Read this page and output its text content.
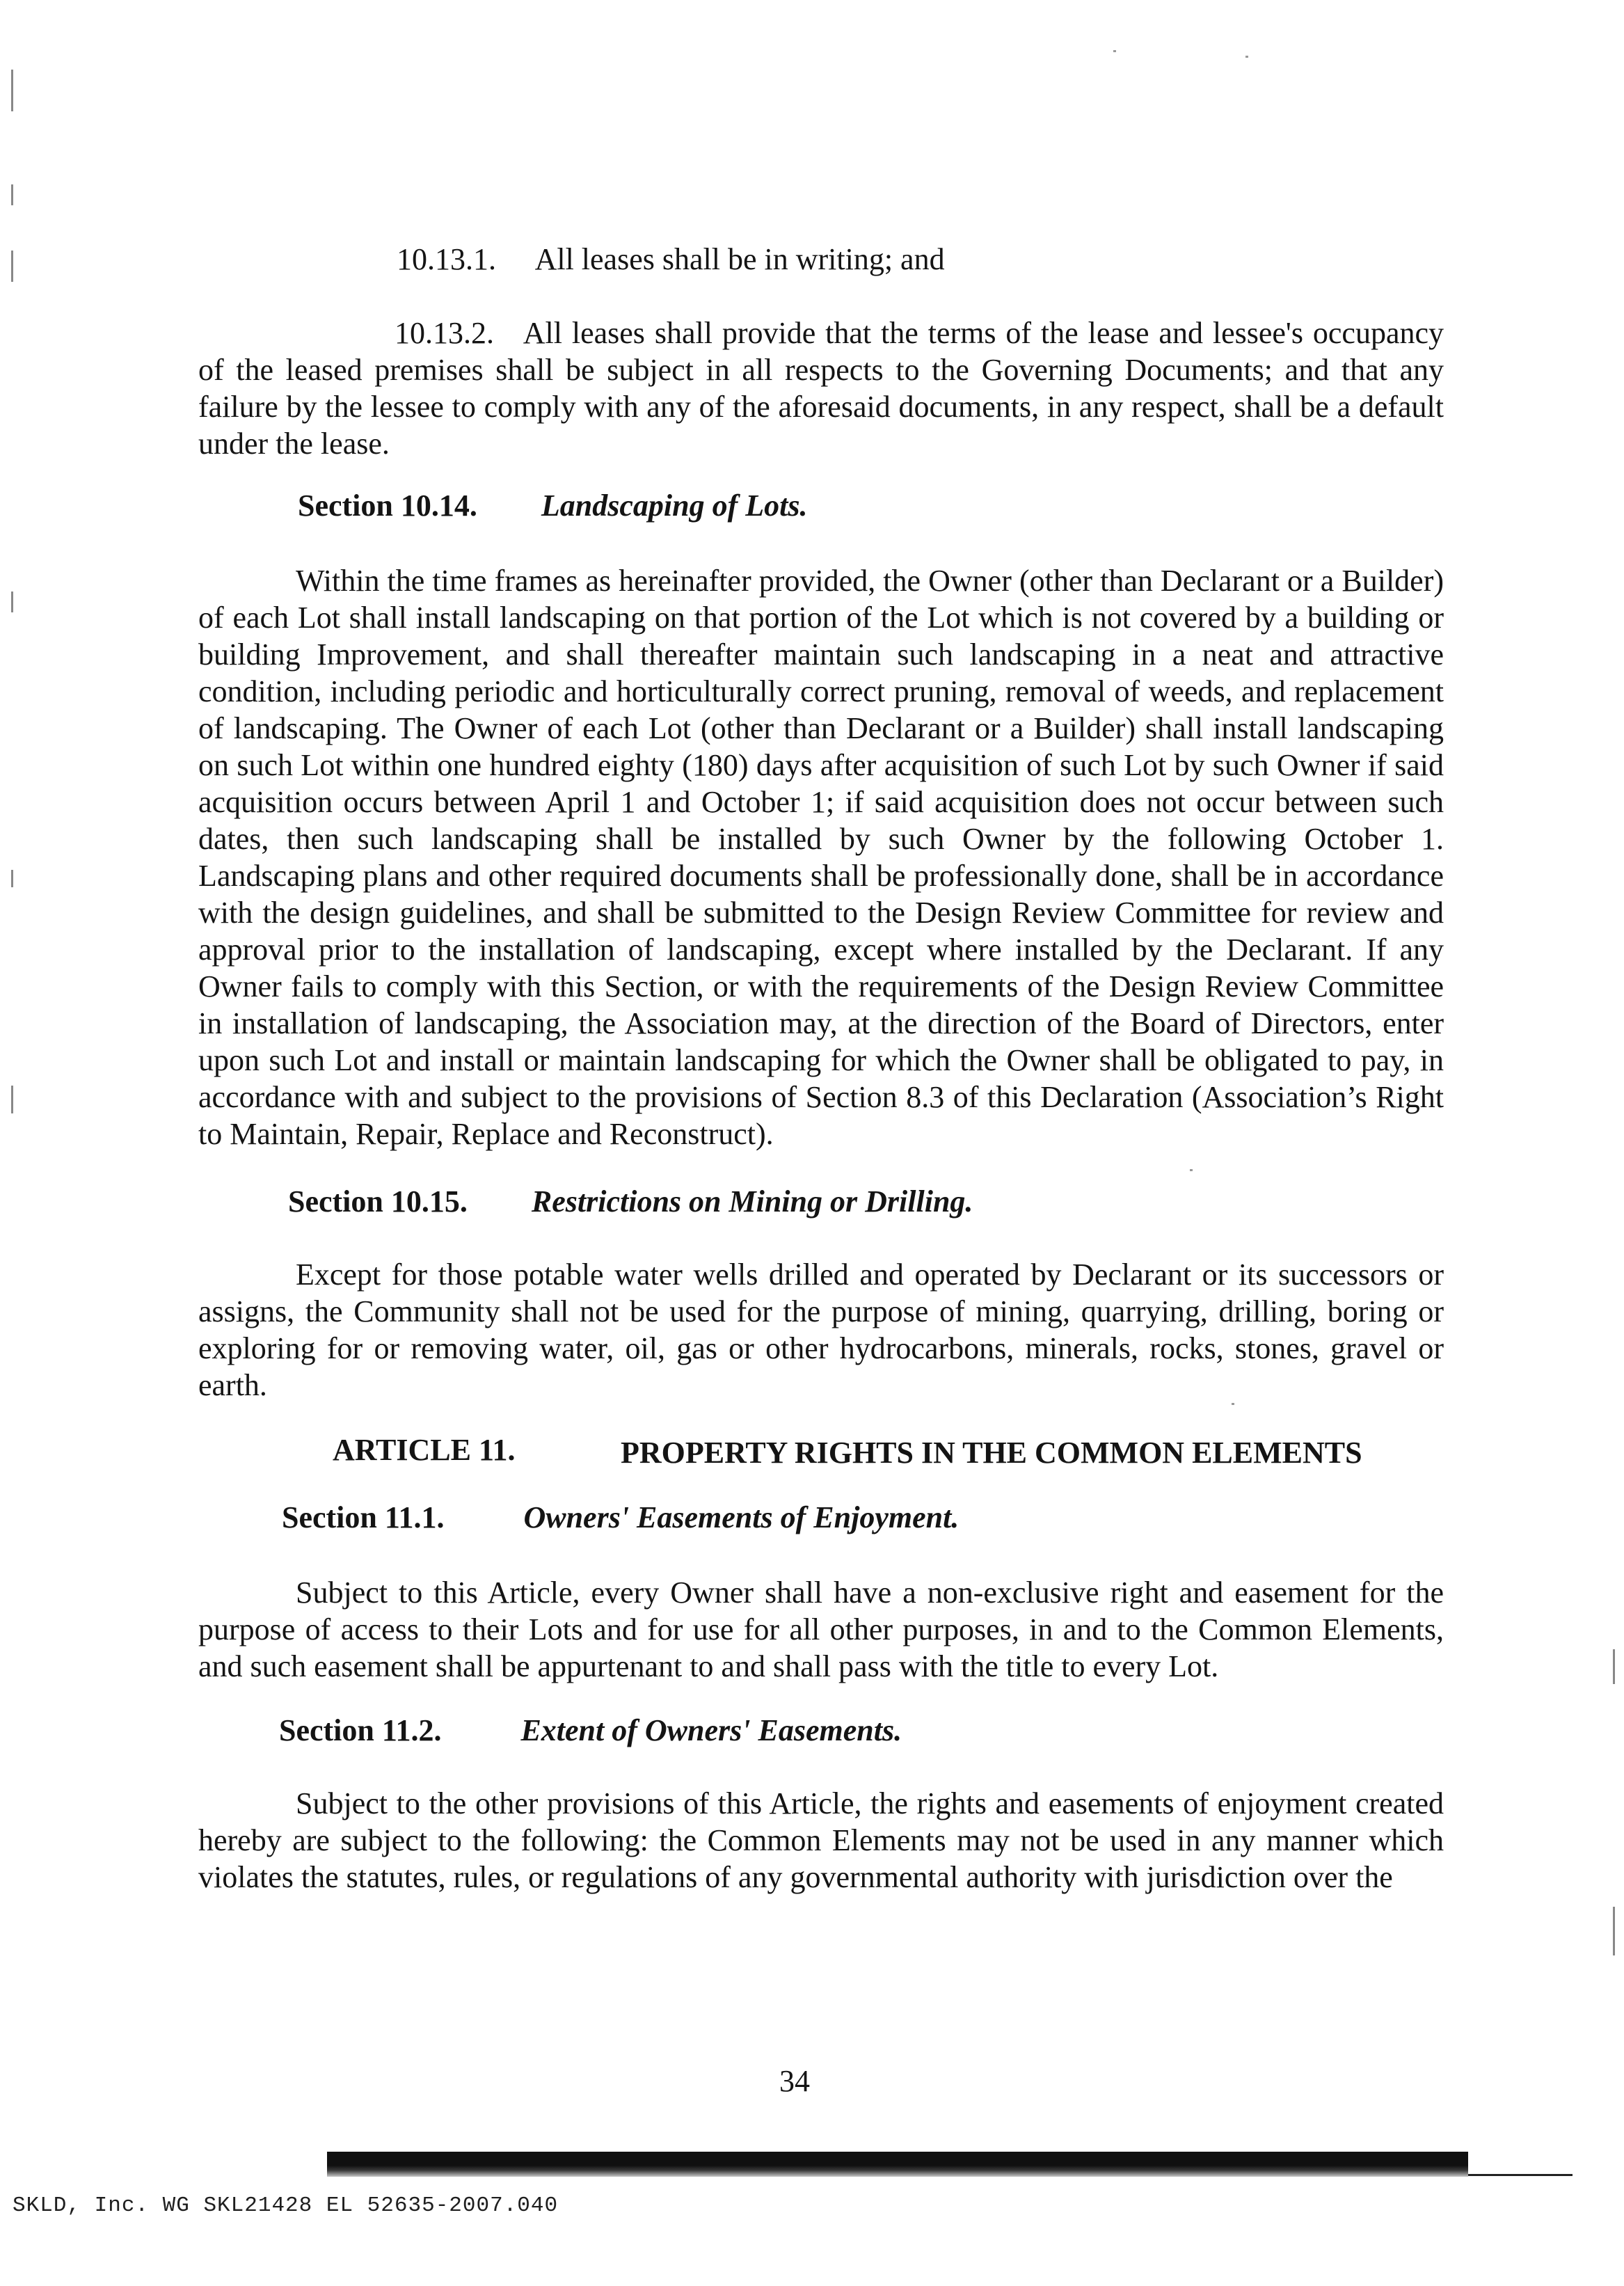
10.13.1. All leases shall be in writing; and

10.13.2. All leases shall provide that the terms of the lease and lessee's occupancy of the leased premises shall be subject in all respects to the Governing Documents; and that any failure by the lessee to comply with any of the aforesaid documents, in any respect, shall be a default under the lease.

Section 10.14. Landscaping of Lots.

Within the time frames as hereinafter provided, the Owner (other than Declarant or a Builder) of each Lot shall install landscaping on that portion of the Lot which is not covered by a building or building Improvement, and shall thereafter maintain such landscaping in a neat and attractive condition, including periodic and horticulturally correct pruning, removal of weeds, and replacement of landscaping. The Owner of each Lot (other than Declarant or a Builder) shall install landscaping on such Lot within one hundred eighty (180) days after acquisition of such Lot by such Owner if said acquisition occurs between April 1 and October 1; if said acquisition does not occur between such dates, then such landscaping shall be installed by such Owner by the following October 1. Landscaping plans and other required documents shall be professionally done, shall be in accordance with the design guidelines, and shall be submitted to the Design Review Committee for review and approval prior to the installation of landscaping, except where installed by the Declarant. If any Owner fails to comply with this Section, or with the requirements of the Design Review Committee in installation of landscaping, the Association may, at the direction of the Board of Directors, enter upon such Lot and install or maintain landscaping for which the Owner shall be obligated to pay, in accordance with and subject to the provisions of Section 8.3 of this Declaration (Association’s Right to Maintain, Repair, Replace and Reconstruct).

Section 10.15. Restrictions on Mining or Drilling.

Except for those potable water wells drilled and operated by Declarant or its successors or assigns, the Community shall not be used for the purpose of mining, quarrying, drilling, boring or exploring for or removing water, oil, gas or other hydrocarbons, minerals, rocks, stones, gravel or earth.

ARTICLE 11.	PROPERTY RIGHTS IN THE COMMON ELEMENTS
Section 11.1.	Owners' Easements of Enjoyment.

Subject to this Article, every Owner shall have a non-exclusive right and easement for the purpose of access to their Lots and for use for all other purposes, in and to the Common Elements, and such easement shall be appurtenant to and shall pass with the title to every Lot.

Section 11.2.	Extent of Owners' Easements.

Subject to the other provisions of this Article, the rights and easements of enjoyment created hereby are subject to the following: the Common Elements may not be used in any manner which violates the statutes, rules, or regulations of any governmental authority with jurisdiction over the

34
SKLD, Inc. WG SKL21428 EL 52635-2007.040
